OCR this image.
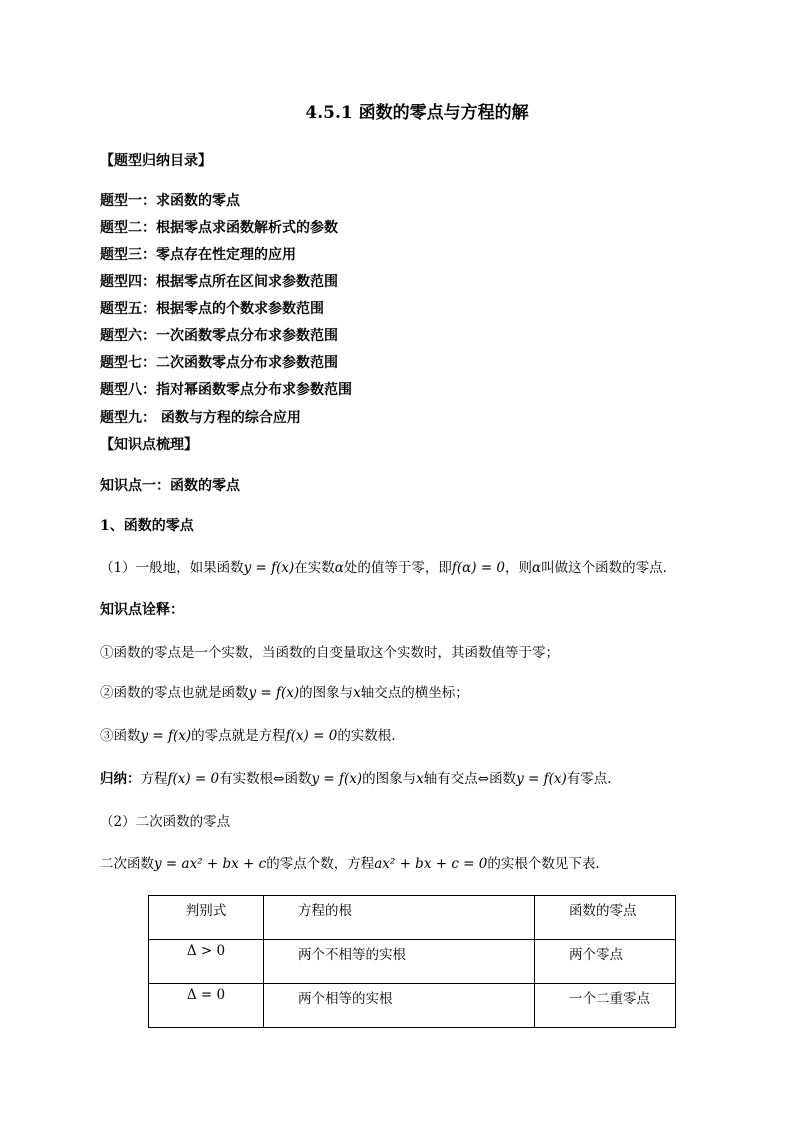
4.5.1 函数的零点与方程的解
【题型归纳目录】
题型一：求函数的零点
题型二：根据零点求函数解析式的参数
题型三：零点存在性定理的应用
题型四：根据零点所在区间求参数范围
题型五：根据零点的个数求参数范围
题型六：一次函数零点分布求参数范围
题型七：二次函数零点分布求参数范围
题型八：指对幂函数零点分布求参数范围
题型九： 函数与方程的综合应用
【知识点梳理】
知识点一：函数的零点
1、函数的零点
（1）一般地，如果函数y = f(x)在实数α处的值等于零，即f(α) = 0，则α叫做这个函数的零点.
知识点诠释：
①函数的零点是一个实数，当函数的自变量取这个实数时，其函数值等于零；
②函数的零点也就是函数y = f(x)的图象与x轴交点的横坐标；
③函数y = f(x)的零点就是方程f(x) = 0的实数根.
归纳：方程f(x) = 0有实数根⇔函数y = f(x)的图象与x轴有交点⇔函数y = f(x)有零点.
（2）二次函数的零点
二次函数y = ax² + bx + c的零点个数，方程ax² + bx + c = 0的实根个数见下表.
判别式	方程的根	函数的零点
Δ > 0	两个不相等的实根	两个零点
Δ = 0	两个相等的实根	一个二重零点
